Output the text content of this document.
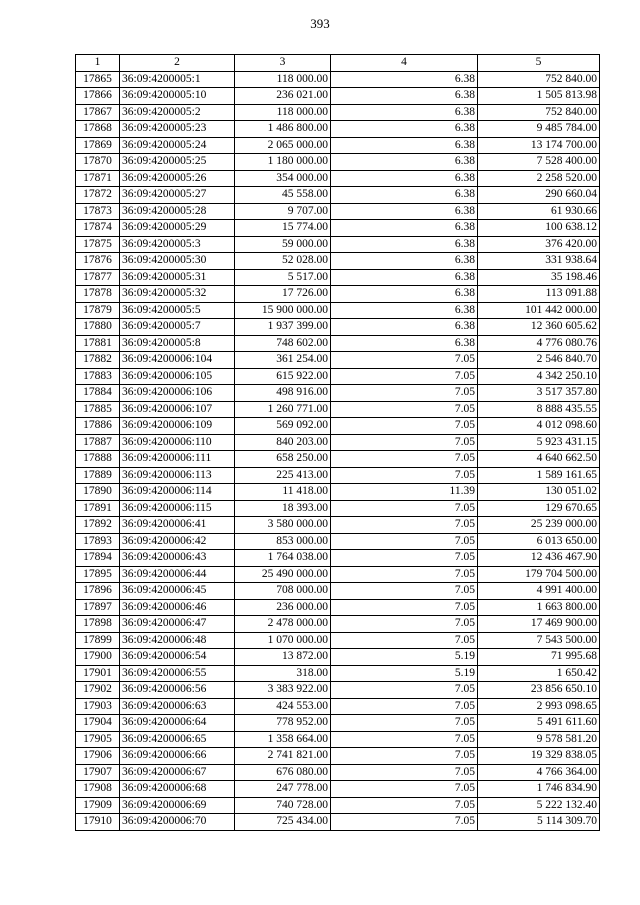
393
1	2	3	4	5
17865	36:09:4200005:1	118 000.00	6.38	752 840.00
17866	36:09:4200005:10	236 021.00	6.38	1 505 813.98
17867	36:09:4200005:2	118 000.00	6.38	752 840.00
17868	36:09:4200005:23	1 486 800.00	6.38	9 485 784.00
17869	36:09:4200005:24	2 065 000.00	6.38	13 174 700.00
17870	36:09:4200005:25	1 180 000.00	6.38	7 528 400.00
17871	36:09:4200005:26	354 000.00	6.38	2 258 520.00
17872	36:09:4200005:27	45 558.00	6.38	290 660.04
17873	36:09:4200005:28	9 707.00	6.38	61 930.66
17874	36:09:4200005:29	15 774.00	6.38	100 638.12
17875	36:09:4200005:3	59 000.00	6.38	376 420.00
17876	36:09:4200005:30	52 028.00	6.38	331 938.64
17877	36:09:4200005:31	5 517.00	6.38	35 198.46
17878	36:09:4200005:32	17 726.00	6.38	113 091.88
17879	36:09:4200005:5	15 900 000.00	6.38	101 442 000.00
17880	36:09:4200005:7	1 937 399.00	6.38	12 360 605.62
17881	36:09:4200005:8	748 602.00	6.38	4 776 080.76
17882	36:09:4200006:104	361 254.00	7.05	2 546 840.70
17883	36:09:4200006:105	615 922.00	7.05	4 342 250.10
17884	36:09:4200006:106	498 916.00	7.05	3 517 357.80
17885	36:09:4200006:107	1 260 771.00	7.05	8 888 435.55
17886	36:09:4200006:109	569 092.00	7.05	4 012 098.60
17887	36:09:4200006:110	840 203.00	7.05	5 923 431.15
17888	36:09:4200006:111	658 250.00	7.05	4 640 662.50
17889	36:09:4200006:113	225 413.00	7.05	1 589 161.65
17890	36:09:4200006:114	11 418.00	11.39	130 051.02
17891	36:09:4200006:115	18 393.00	7.05	129 670.65
17892	36:09:4200006:41	3 580 000.00	7.05	25 239 000.00
17893	36:09:4200006:42	853 000.00	7.05	6 013 650.00
17894	36:09:4200006:43	1 764 038.00	7.05	12 436 467.90
17895	36:09:4200006:44	25 490 000.00	7.05	179 704 500.00
17896	36:09:4200006:45	708 000.00	7.05	4 991 400.00
17897	36:09:4200006:46	236 000.00	7.05	1 663 800.00
17898	36:09:4200006:47	2 478 000.00	7.05	17 469 900.00
17899	36:09:4200006:48	1 070 000.00	7.05	7 543 500.00
17900	36:09:4200006:54	13 872.00	5.19	71 995.68
17901	36:09:4200006:55	318.00	5.19	1 650.42
17902	36:09:4200006:56	3 383 922.00	7.05	23 856 650.10
17903	36:09:4200006:63	424 553.00	7.05	2 993 098.65
17904	36:09:4200006:64	778 952.00	7.05	5 491 611.60
17905	36:09:4200006:65	1 358 664.00	7.05	9 578 581.20
17906	36:09:4200006:66	2 741 821.00	7.05	19 329 838.05
17907	36:09:4200006:67	676 080.00	7.05	4 766 364.00
17908	36:09:4200006:68	247 778.00	7.05	1 746 834.90
17909	36:09:4200006:69	740 728.00	7.05	5 222 132.40
17910	36:09:4200006:70	725 434.00	7.05	5 114 309.70
